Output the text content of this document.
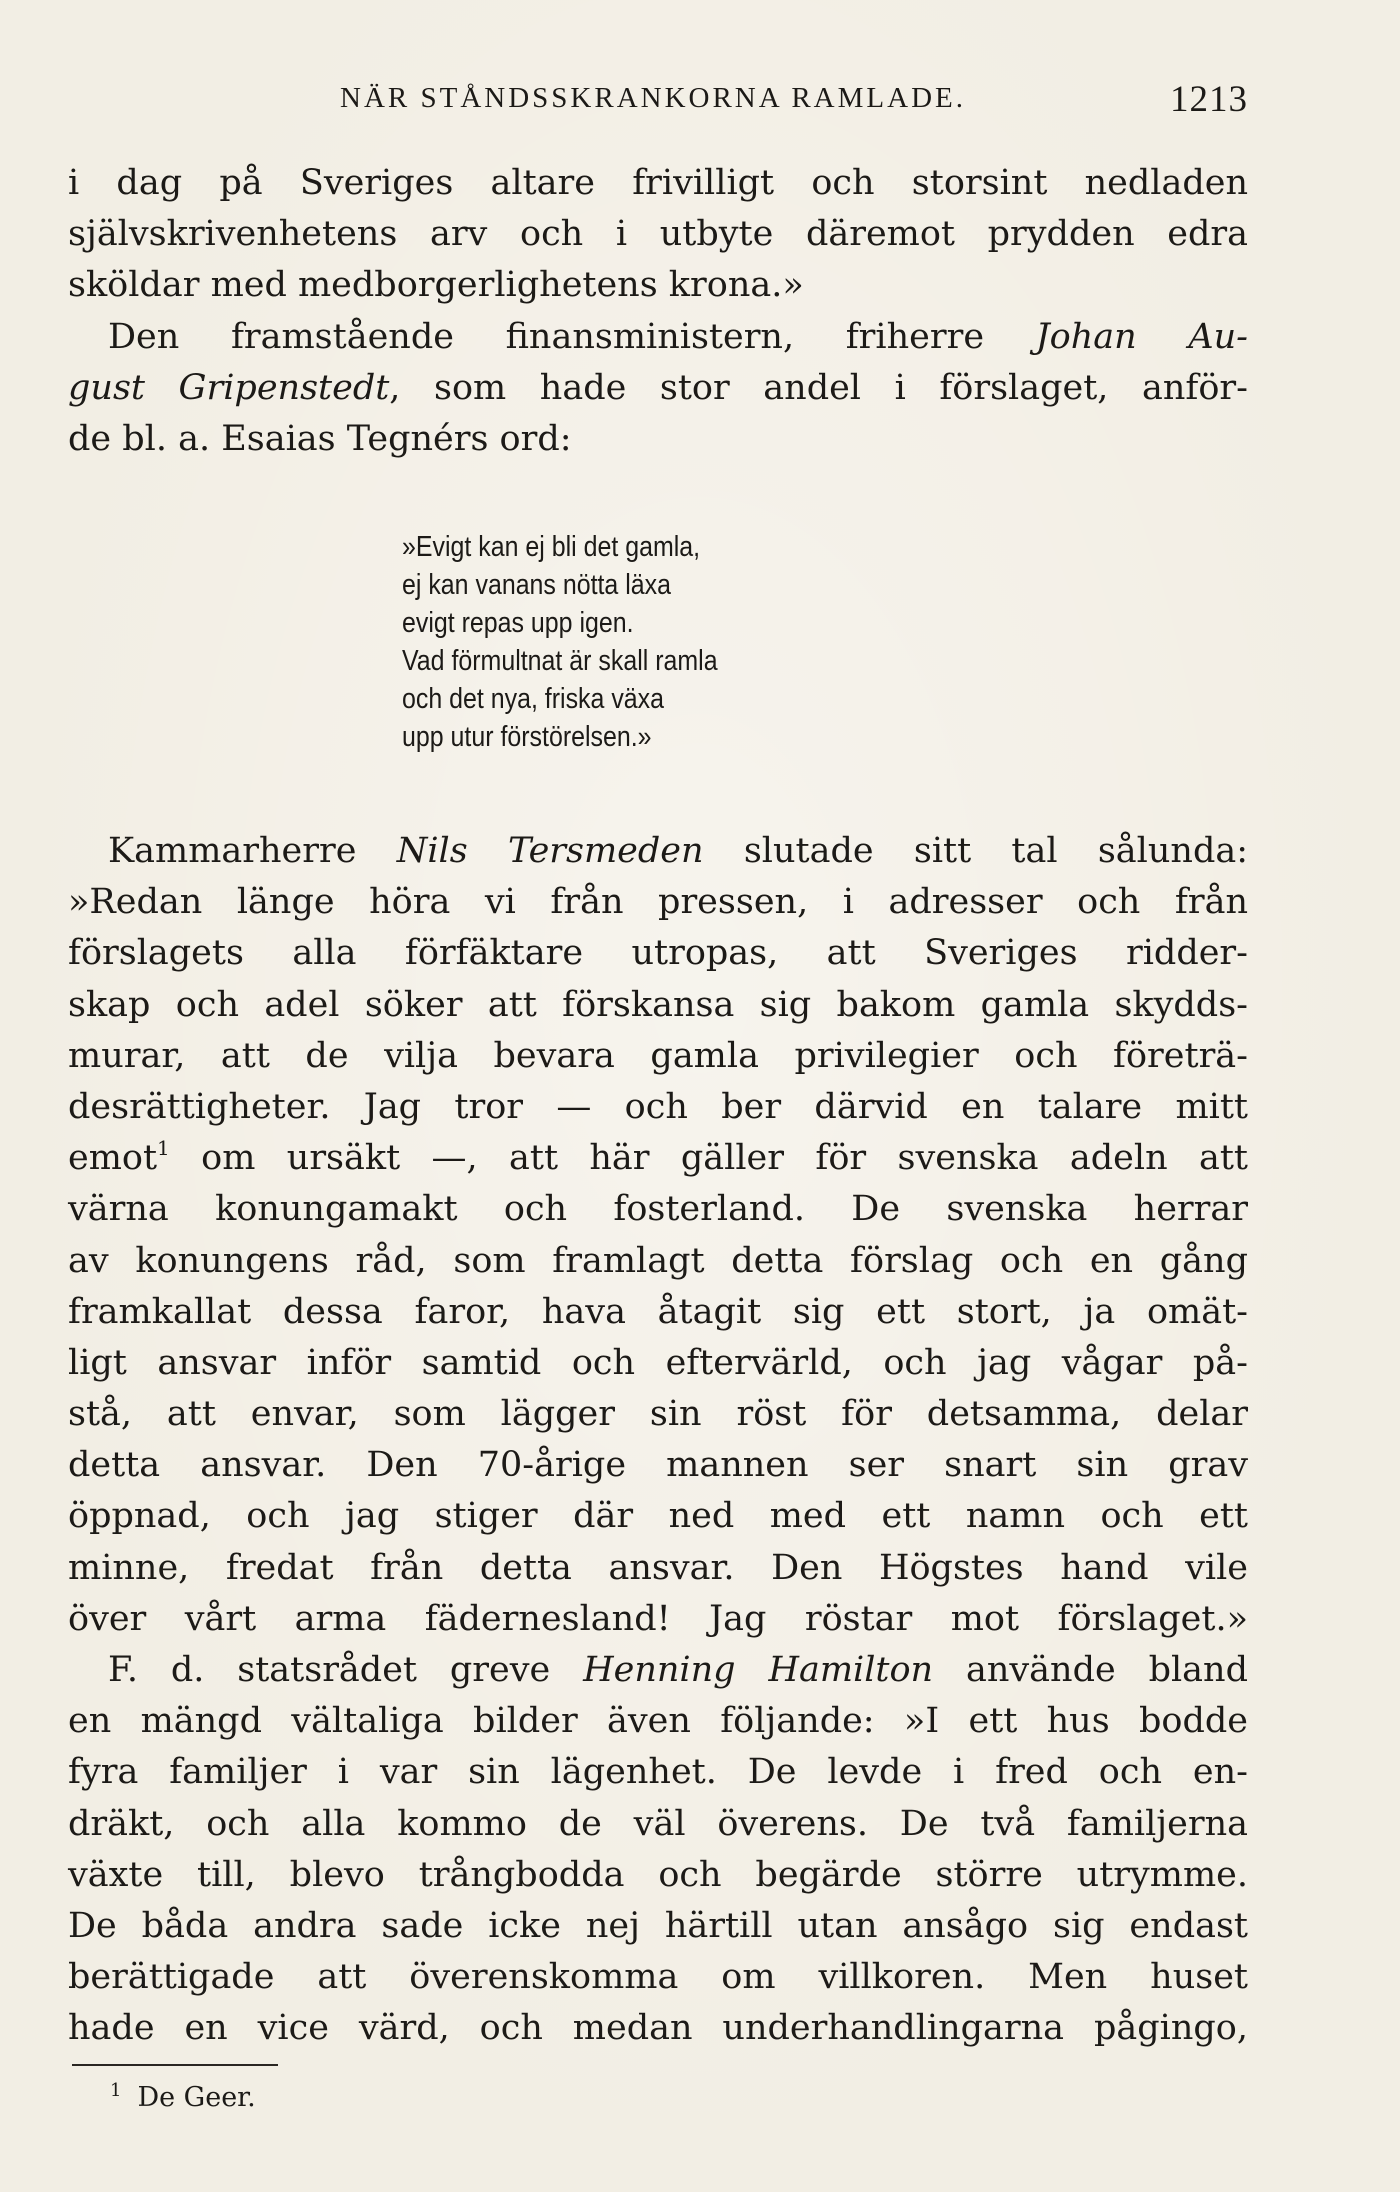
NÄR STÅNDSSKRANKORNA RAMLADE.	1213
i dag på Sveriges altare frivilligt och storsint nedladen
självskrivenhetens arv och i utbyte däremot prydden edra
sköldar med medborgerlighetens krona.»
Den framstående finansministern, friherre Johan Au-
gust Gripenstedt, som hade stor andel i förslaget, anför-
de bl. a. Esaias Tegnérs ord:
»Evigt kan ej bli det gamla,
ej kan vanans nötta läxa
evigt repas upp igen.
Vad förmultnat är skall ramla
och det nya, friska växa
upp utur förstörelsen.»
Kammarherre Nils Tersmeden slutade sitt tal sålunda:
»Redan länge höra vi från pressen, i adresser och från
förslagets alla förfäktare utropas, att Sveriges ridder-
skap och adel söker att förskansa sig bakom gamla skydds-
murar, att de vilja bevara gamla privilegier och företrä-
desrättigheter. Jag tror — och ber därvid en talare mitt
emot$^1$ om ursäkt —, att här gäller för svenska adeln att
värna konungamakt och fosterland. De svenska herrar
av konungens råd, som framlagt detta förslag och en gång
framkallat dessa faror, hava åtagit sig ett stort, ja omät-
ligt ansvar inför samtid och eftervärld, och jag vågar på-
stå, att envar, som lägger sin röst för detsamma, delar
detta ansvar. Den 70-årige mannen ser snart sin grav
öppnad, och jag stiger där ned med ett namn och ett
minne, fredat från detta ansvar. Den Högstes hand vile
över vårt arma fädernesland! Jag röstar mot förslaget.»
F. d. statsrådet greve Henning Hamilton använde bland
en mängd vältaliga bilder även följande: »I ett hus bodde
fyra familjer i var sin lägenhet. De levde i fred och en-
dräkt, och alla kommo de väl överens. De två familjerna
växte till, blevo trångbodda och begärde större utrymme.
De båda andra sade icke nej härtill utan ansågo sig endast
berättigade att överenskomma om villkoren. Men huset
hade en vice värd, och medan underhandlingarna pågingo,
$^1$ De Geer.
